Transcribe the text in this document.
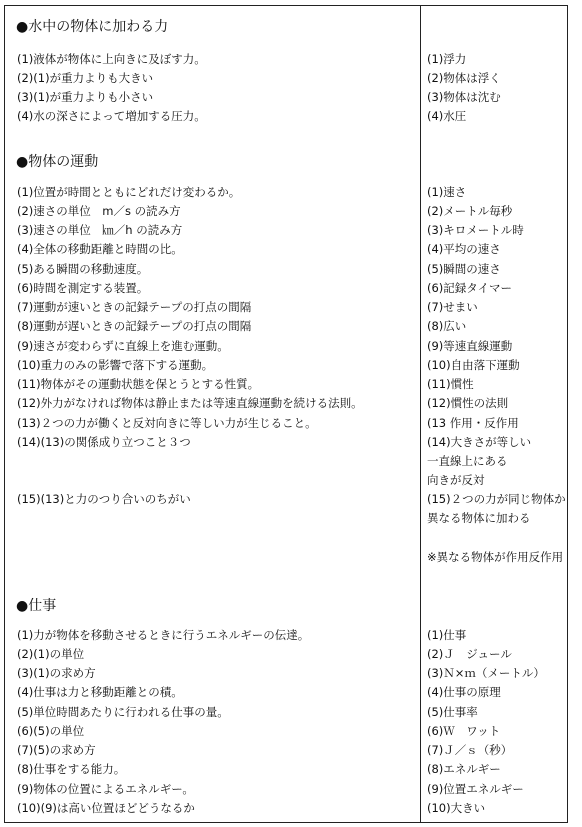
●水中の物体に加わる力
(1)液体が物体に上向きに及ぼす力。
(2)(1)が重力よりも大きい
(3)(1)が重力よりも小さい
(4)水の深さによって増加する圧力。
(1)浮力
(2)物体は浮く
(3)物体は沈む
(4)水圧
●物体の運動
(1)位置が時間とともにどれだけ変わるか。
(2)速さの単位　m／s の読み方
(3)速さの単位　㎞／h の読み方
(4)全体の移動距離と時間の比。
(5)ある瞬間の移動速度。
(6)時間を測定する装置。
(7)運動が速いときの記録テープの打点の間隔
(8)運動が遅いときの記録テープの打点の間隔
(9)速さが変わらずに直線上を進む運動。
(10)重力のみの影響で落下する運動。
(11)物体がその運動状態を保とうとする性質。
(12)外力がなければ物体は静止または等速直線運動を続ける法則。
(13)２つの力が働くと反対向きに等しい力が生じること。
(14)(13)の関係成り立つこと３つ
(15)(13)と力のつり合いのちがい
(1)速さ
(2)メートル毎秒
(3)キロメートル時
(4)平均の速さ
(5)瞬間の速さ
(6)記録タイマー
(7)せまい
(8)広い
(9)等速直線運動
(10)自由落下運動
(11)慣性
(12)慣性の法則
(13 作用・反作用
(14)大きさが等しい
一直線上にある
向きが反対
(15)２つの力が同じ物体か異なる物体に加わる
※異なる物体が作用反作用
●仕事
(1)力が物体を移動させるときに行うエネルギーの伝達。
(2)(1)の単位
(3)(1)の求め方
(4)仕事は力と移動距離との積。
(5)単位時間あたりに行われる仕事の量。
(6)(5)の単位
(7)(5)の求め方
(8)仕事をする能力。
(9)物体の位置によるエネルギー。
(10)(9)は高い位置ほどどうなるか
(1)仕事
(2)Ｊ　ジュール
(3)Ｎ×ｍ（メートル）
(4)仕事の原理
(5)仕事率
(6)Ｗ　ワット
(7)Ｊ／ｓ（秒）
(8)エネルギー
(9)位置エネルギー
(10)大きい
